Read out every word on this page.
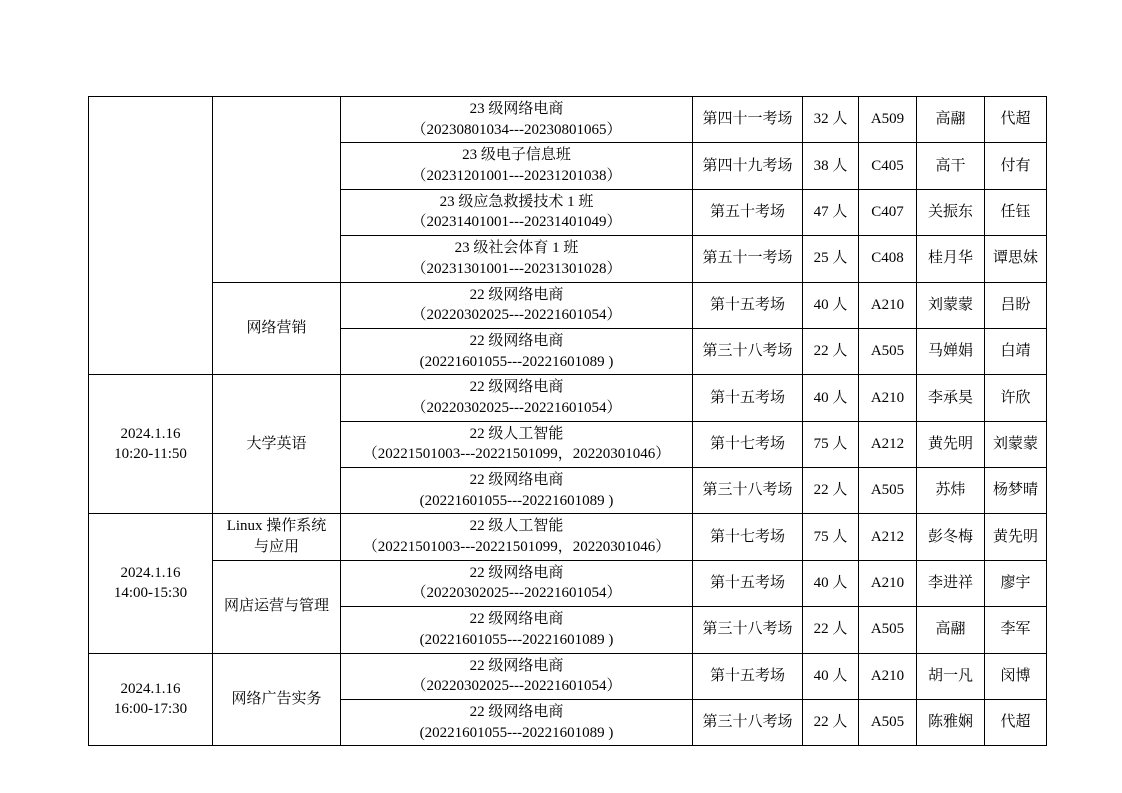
		23 级网络电商
（20230801034---20230801065）	第四十一考场	32 人	A509	高翮	代超

		23 级电子信息班
（20231201001---20231201038）	第四十九考场	38 人	C405	高干	付有

		23 级应急救援技术 1 班
（20231401001---20231401049）	第五十考场	47 人	C407	关振东	任钰

		23 级社会体育 1 班
（20231301001---20231301028）	第五十一考场	25 人	C408	桂月华	谭思妹
	网络营销	22 级网络电商
（20220302025---20221601054）	第十五考场	40 人	A210	刘蒙蒙	吕盼

		22 级网络电商
(20221601055---20221601089 )	第三十八考场	22 人	A505	马婵娟	白靖

2024.1.16
10:20-11:50	大学英语	22 级网络电商
（20220302025---20221601054）	第十五考场	40 人	A210	李承昊	许欣

		22 级人工智能
（20221501003---20221501099，20220301046）	第十七考场	75 人	A212	黄先明	刘蒙蒙

		22 级网络电商
(20221601055---20221601089 )	第三十八考场	22 人	A505	苏炜	杨梦晴

2024.1.16
14:00-15:30	Linux 操作系统
与应用	22 级人工智能
（20221501003---20221501099，20220301046）	第十七考场	75 人	A212	彭冬梅	黄先明
	网店运营与管理	22 级网络电商
（20220302025---20221601054）	第十五考场	40 人	A210	李进祥	廖宇

		22 级网络电商
(20221601055---20221601089 )	第三十八考场	22 人	A505	高翮	李军

2024.1.16
16:00-17:30	网络广告实务	22 级网络电商
（20220302025---20221601054）	第十五考场	40 人	A210	胡一凡	闵博

		22 级网络电商
(20221601055---20221601089 )	第三十八考场	22 人	A505	陈雅娴	代超
